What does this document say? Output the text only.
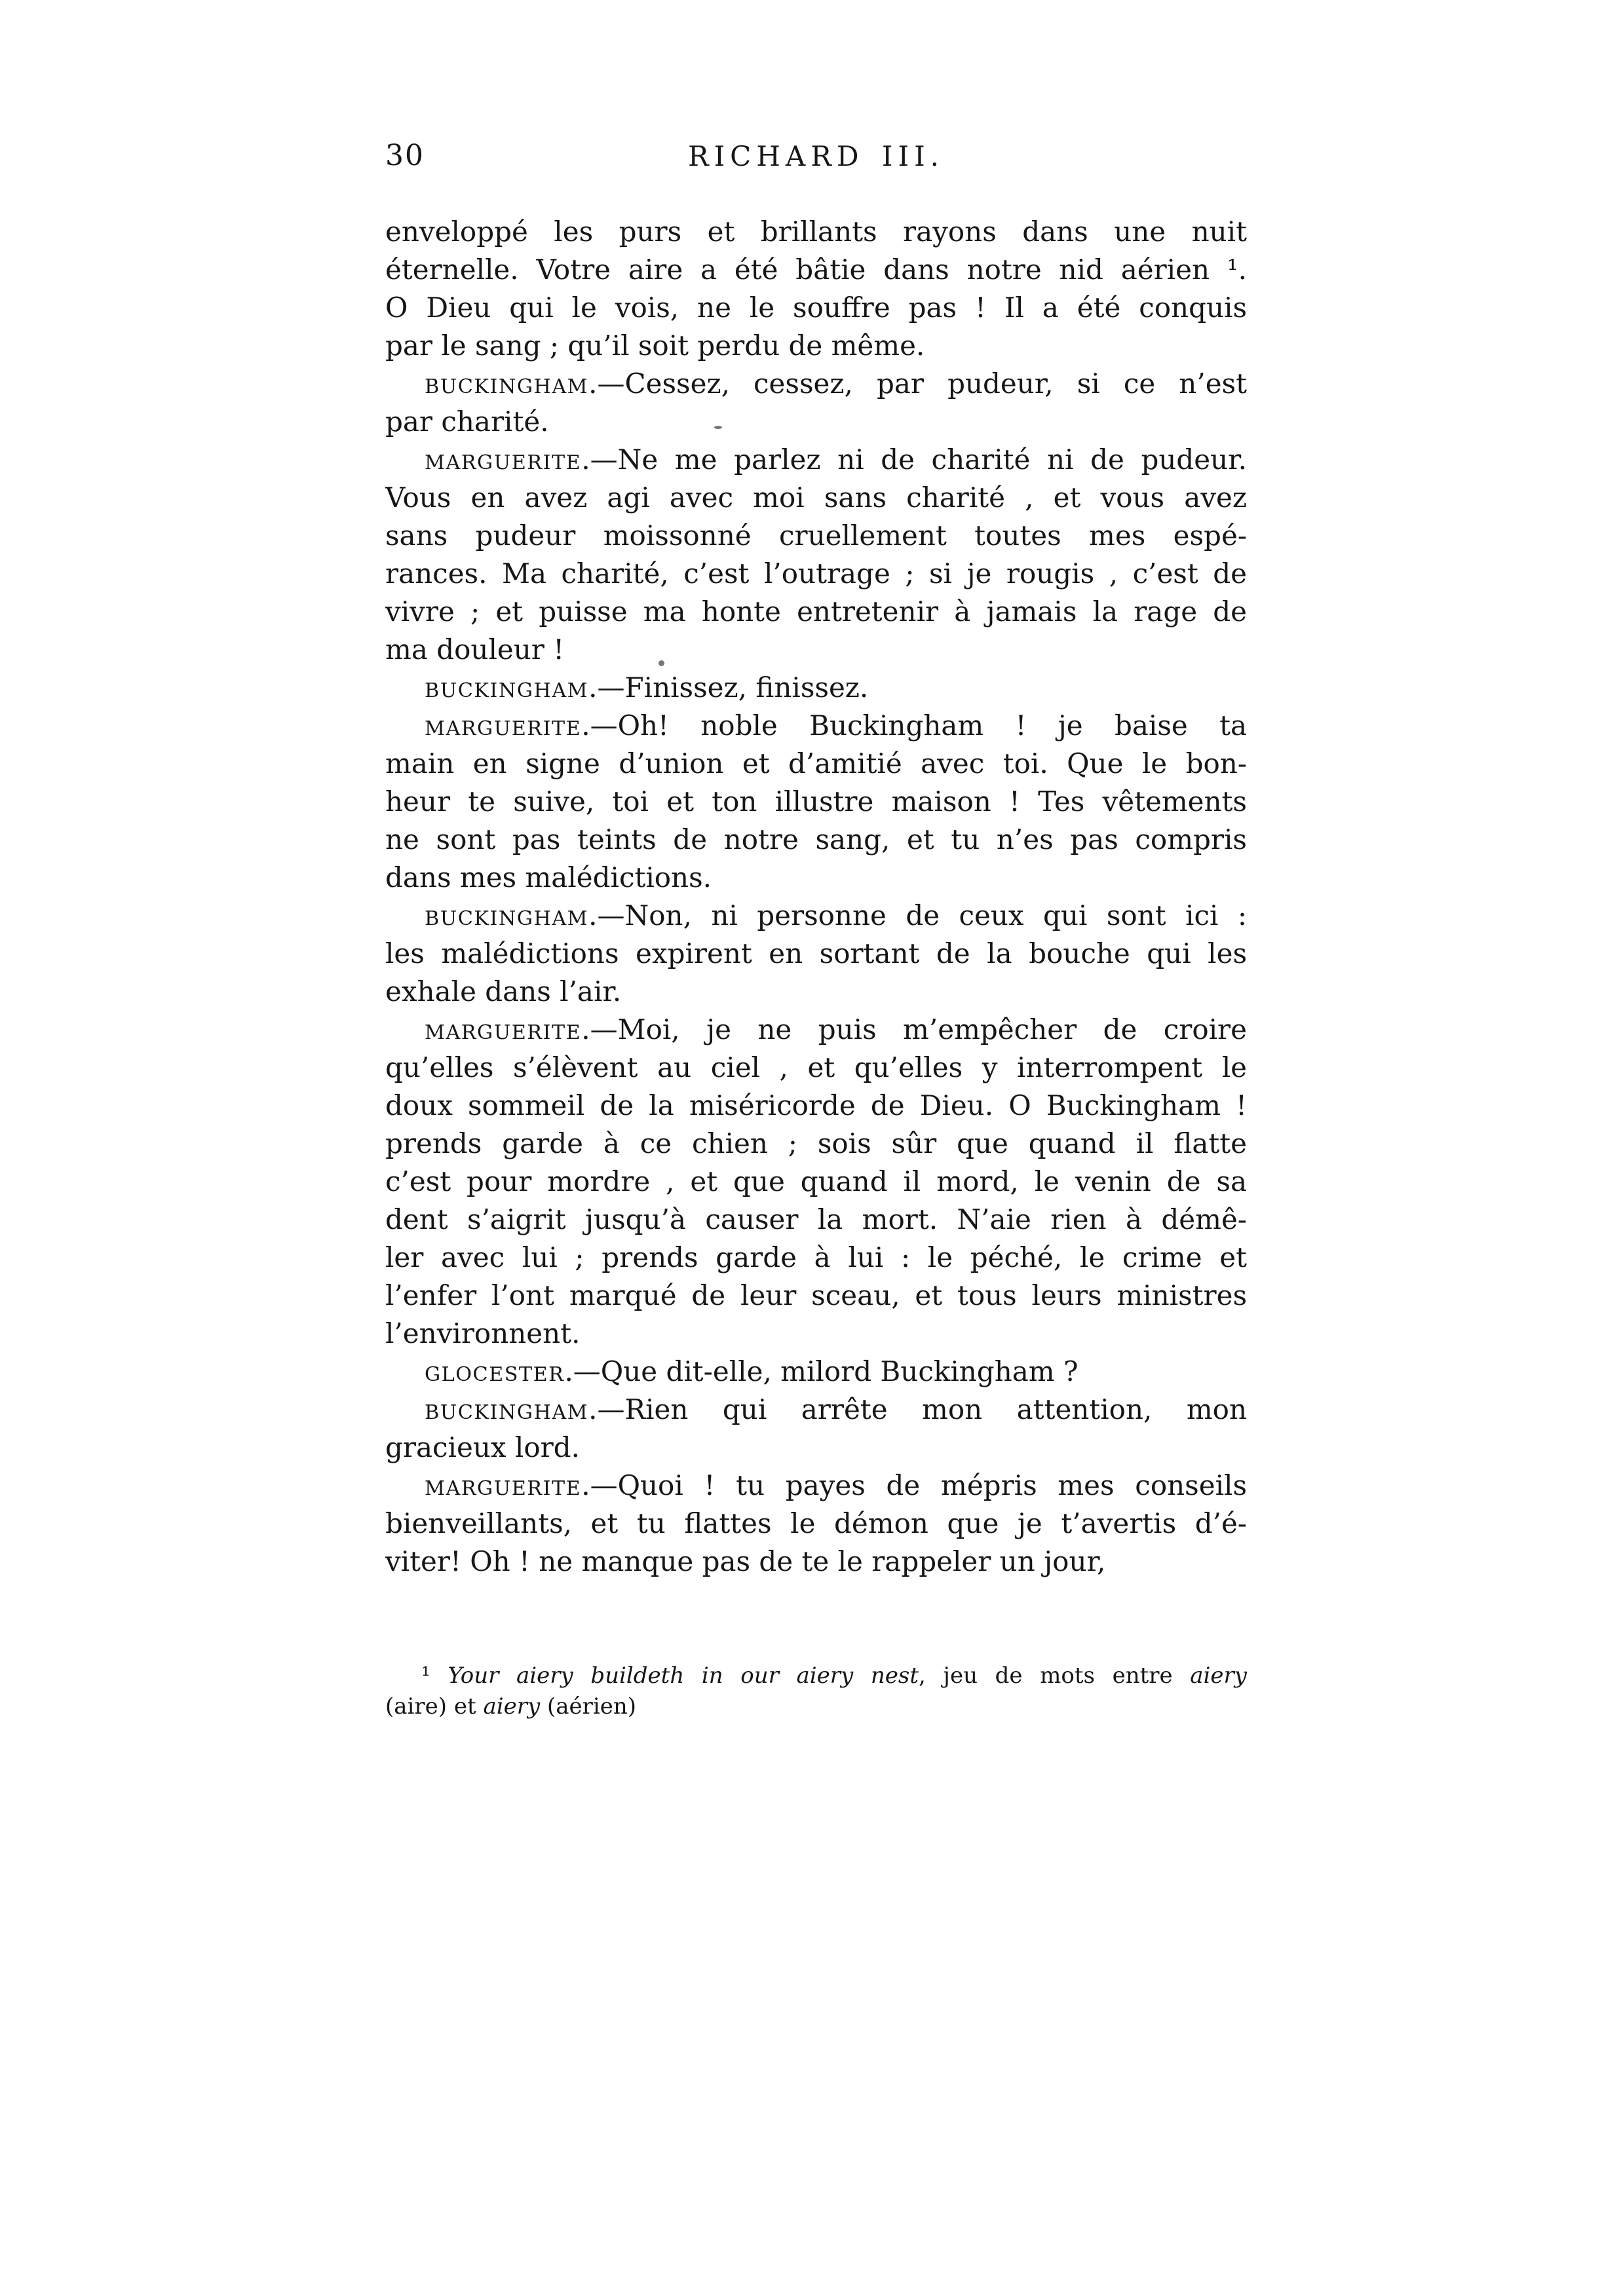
30	RICHARD III.
enveloppé les purs et brillants rayons dans une nuit
éternelle. Votre aire a été bâtie dans notre nid aérien ¹.
O Dieu qui le vois, ne le souffre pas ! Il a été conquis
par le sang ; qu’il soit perdu de même.
BUCKINGHAM.—Cessez, cessez, par pudeur, si ce n’est
par charité.
MARGUERITE.—Ne me parlez ni de charité ni de pudeur.
Vous en avez agi avec moi sans charité , et vous avez
sans pudeur moissonné cruellement toutes mes espé-
rances. Ma charité, c’est l’outrage ; si je rougis , c’est de
vivre ; et puisse ma honte entretenir à jamais la rage de
ma douleur !
BUCKINGHAM.—Finissez, finissez.
MARGUERITE.—Oh! noble Buckingham ! je baise ta
main en signe d’union et d’amitié avec toi. Que le bon-
heur te suive, toi et ton illustre maison ! Tes vêtements
ne sont pas teints de notre sang, et tu n’es pas compris
dans mes malédictions.
BUCKINGHAM.—Non, ni personne de ceux qui sont ici :
les malédictions expirent en sortant de la bouche qui les
exhale dans l’air.
MARGUERITE.—Moi, je ne puis m’empêcher de croire
qu’elles s’élèvent au ciel , et qu’elles y interrompent le
doux sommeil de la miséricorde de Dieu. O Buckingham !
prends garde à ce chien ; sois sûr que quand il flatte
c’est pour mordre , et que quand il mord, le venin de sa
dent s’aigrit jusqu’à causer la mort. N’aie rien à démê-
ler avec lui ; prends garde à lui : le péché, le crime et
l’enfer l’ont marqué de leur sceau, et tous leurs ministres
l’environnent.
GLOCESTER.—Que dit-elle, milord Buckingham ?
BUCKINGHAM.—Rien qui arrête mon attention, mon
gracieux lord.
MARGUERITE.—Quoi ! tu payes de mépris mes conseils
bienveillants, et tu flattes le démon que je t’avertis d’é-
viter! Oh ! ne manque pas de te le rappeler un jour,
¹ Your aiery buildeth in our aiery nest, jeu de mots entre aiery
(aire) et aiery (aérien)
